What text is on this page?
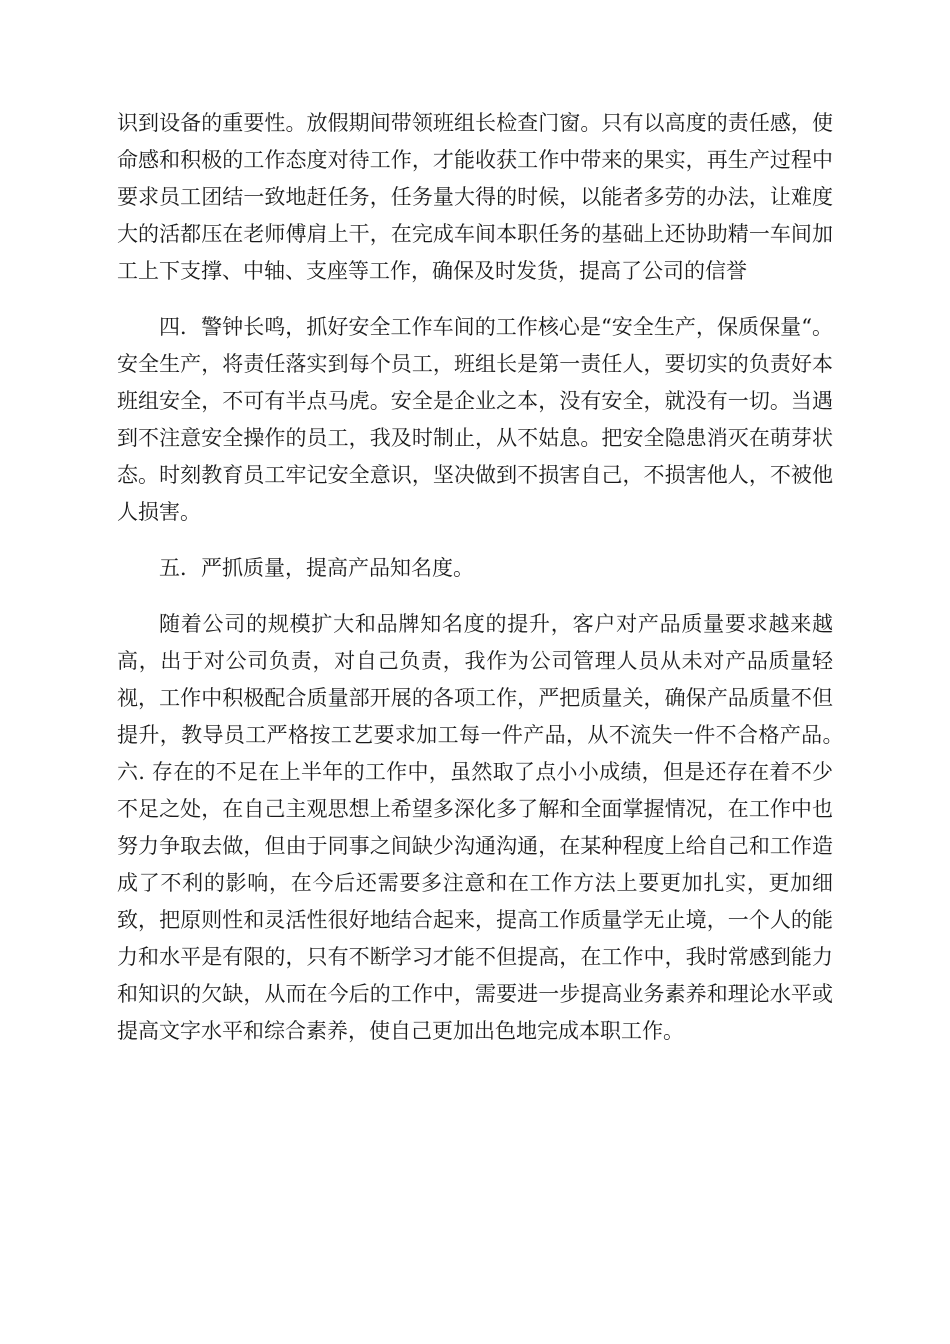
识到设备的重要性。放假期间带领班组长检查门窗。只有以高度的责任感，使命感和积极的工作态度对待工作，才能收获工作中带来的果实，再生产过程中要求员工团结一致地赶任务，任务量大得的时候，以能者多劳的办法，让难度大的活都压在老师傅肩上干，在完成车间本职任务的基础上还协助精一车间加工上下支撑、中轴、支座等工作，确保及时发货，提高了公司的信誉

四．警钟长鸣，抓好安全工作车间的工作核心是“安全生产，保质保量“。安全生产，将责任落实到每个员工，班组长是第一责任人，要切实的负责好本班组安全，不可有半点马虎。安全是企业之本，没有安全，就没有一切。当遇到不注意安全操作的员工，我及时制止，从不姑息。把安全隐患消灭在萌芽状态。时刻教育员工牢记安全意识，坚决做到不损害自己，不损害他人，不被他人损害。

五．严抓质量，提高产品知名度。

随着公司的规模扩大和品牌知名度的提升，客户对产品质量要求越来越高，出于对公司负责，对自己负责，我作为公司管理人员从未对产品质量轻视，工作中积极配合质量部开展的各项工作，严把质量关，确保产品质量不但提升，教导员工严格按工艺要求加工每一件产品，从不流失一件不合格产品。　六. 存在的不足在上半年的工作中，虽然取了点小小成绩，但是还存在着不少不足之处，在自己主观思想上希望多深化多了解和全面掌握情况，在工作中也努力争取去做，但由于同事之间缺少沟通沟通，在某种程度上给自己和工作造成了不利的影响，在今后还需要多注意和在工作方法上要更加扎实，更加细致，把原则性和灵活性很好地结合起来，提高工作质量学无止境，一个人的能力和水平是有限的，只有不断学习才能不但提高，在工作中，我时常感到能力和知识的欠缺，从而在今后的工作中，需要进一步提高业务素养和理论水平或提高文字水平和综合素养，使自己更加出色地完成本职工作。
